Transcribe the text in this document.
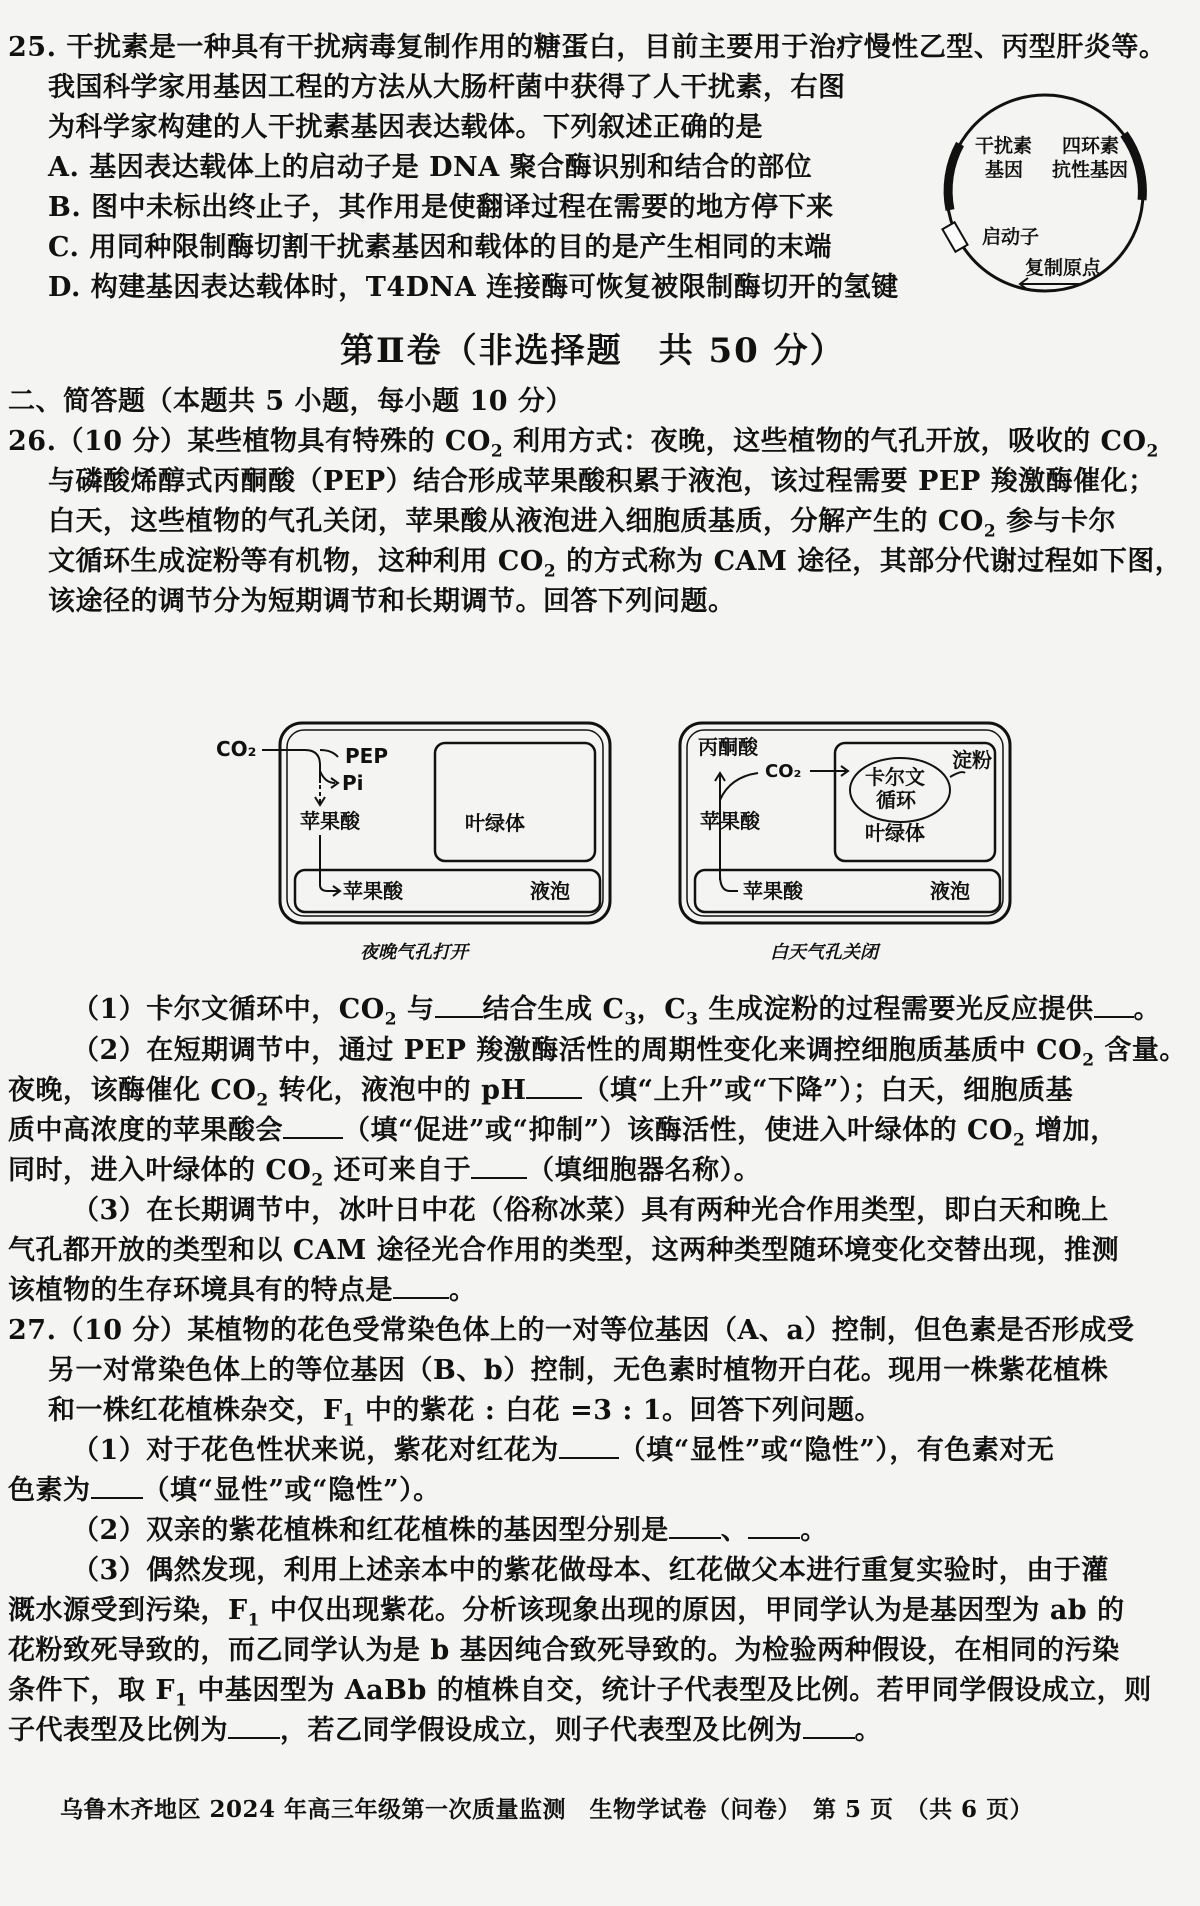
25. 干扰素是一种具有干扰病毒复制作用的糖蛋白，目前主要用于治疗慢性乙型、丙型肝炎等。
我国科学家用基因工程的方法从大肠杆菌中获得了人干扰素，右图
为科学家构建的人干扰素基因表达载体。下列叙述正确的是
A. 基因表达载体上的启动子是 DNA 聚合酶识别和结合的部位
B. 图中未标出终止子，其作用是使翻译过程在需要的地方停下来
C. 用同种限制酶切割干扰素基因和载体的目的是产生相同的末端
D. 构建基因表达载体时，T4DNA 连接酶可恢复被限制酶切开的氢键
干扰素
基因
四环素
抗性基因
启动子
复制原点
第Ⅱ卷（非选择题　共 50 分）
二、简答题（本题共 5 小题，每小题 10 分）
26.（10 分）某些植物具有特殊的 $CO_2$ 利用方式：夜晚，这些植物的气孔开放，吸收的 $CO_2$
与磷酸烯醇式丙酮酸（PEP）结合形成苹果酸积累于液泡，该过程需要 PEP 羧激酶催化；
白天，这些植物的气孔关闭，苹果酸从液泡进入细胞质基质，分解产生的 $CO_2$ 参与卡尔
文循环生成淀粉等有机物，这种利用 $CO_2$ 的方式称为 CAM 途径，其部分代谢过程如下图，
该途径的调节分为短期调节和长期调节。回答下列问题。
CO₂	PEP
Pi
苹果酸
苹果酸
叶绿体
液泡
夜晚气孔打开
丙酮酸
卡尔文
循环
淀粉
CO₂
苹果酸
苹果酸
叶绿体
液泡
白天气孔关闭
（1）卡尔文循环中，$CO_2$ 与 结合生成 $C_3$，$C_3$ 生成淀粉的过程需要光反应提供 。
（2）在短期调节中，通过 PEP 羧激酶活性的周期性变化来调控细胞质基质中 $CO_2$ 含量。
夜晚，该酶催化 $CO_2$ 转化，液泡中的 pH （填“上升”或“下降”）；白天，细胞质基
质中高浓度的苹果酸会 （填“促进”或“抑制”）该酶活性，使进入叶绿体的 $CO_2$ 增加，
同时，进入叶绿体的 $CO_2$ 还可来自于 （填细胞器名称）。
（3）在长期调节中，冰叶日中花（俗称冰菜）具有两种光合作用类型，即白天和晚上
气孔都开放的类型和以 CAM 途径光合作用的类型，这两种类型随环境变化交替出现，推测
该植物的生存环境具有的特点是 。
27.（10 分）某植物的花色受常染色体上的一对等位基因（A、a）控制，但色素是否形成受
另一对常染色体上的等位基因（B、b）控制，无色素时植物开白花。现用一株紫花植株
和一株红花植株杂交，$F_1$ 中的紫花 : 白花 =3 : 1。回答下列问题。
（1）对于花色性状来说，紫花对红花为 （填“显性”或“隐性”），有色素对无
色素为 （填“显性”或“隐性”）。
（2）双亲的紫花植株和红花植株的基因型分别是 、 。
（3）偶然发现，利用上述亲本中的紫花做母本、红花做父本进行重复实验时，由于灌
溉水源受到污染，$F_1$ 中仅出现紫花。分析该现象出现的原因，甲同学认为是基因型为 ab 的
花粉致死导致的，而乙同学认为是 b 基因纯合致死导致的。为检验两种假设，在相同的污染
条件下，取 $F_1$ 中基因型为 AaBb 的植株自交，统计子代表型及比例。若甲同学假设成立，则
子代表型及比例为 ，若乙同学假设成立，则子代表型及比例为 。
乌鲁木齐地区 2024 年高三年级第一次质量监测　生物学试卷（问卷）　第 5 页　（共 6 页）
